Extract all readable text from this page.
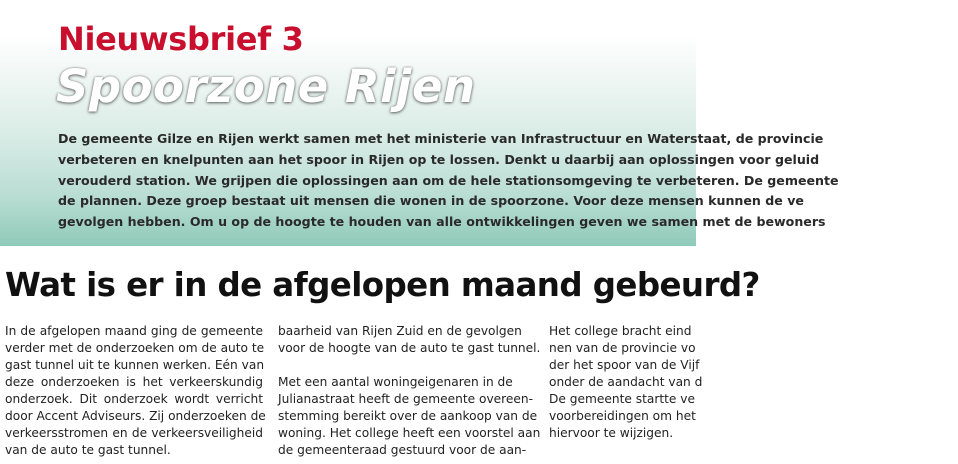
Nieuwsbrief 3
Spoorzone Rijen
De gemeente Gilze en Rijen werkt samen met het ministerie van Infrastructuur en Waterstaat, de provincie
verbeteren en knelpunten aan het spoor in Rijen op te lossen. Denkt u daarbij aan oplossingen voor geluid
verouderd station. We grijpen die oplossingen aan om de hele stationsomgeving te verbeteren. De gemeente
de plannen. Deze groep bestaat uit mensen die wonen in de spoorzone. Voor deze mensen kunnen de ve
gevolgen hebben. Om u op de hoogte te houden van alle ontwikkelingen geven we samen met de bewoners
Wat is er in de afgelopen maand gebeurd?
In de afgelopen maand ging de gemeente
verder met de onderzoeken om de auto te
gast tunnel uit te kunnen werken. Eén van
deze onderzoeken is het verkeerskundig
onderzoek. Dit onderzoek wordt verricht
door Accent Adviseurs. Zij onderzoeken de
verkeersstromen en de verkeersveiligheid
van de auto te gast tunnel.
baarheid van Rijen Zuid en de gevolgen
voor de hoogte van de auto te gast tunnel.
Met een aantal woningeigenaren in de
Julianastraat heeft de gemeente overeen-
stemming bereikt over de aankoop van de
woning. Het college heeft een voorstel aan
de gemeenteraad gestuurd voor de aan-
Het college bracht eind
nen van de provincie vo
der het spoor van de Vijf
onder de aandacht van d
De gemeente startte ve
voorbereidingen om het
hiervoor te wijzigen.
